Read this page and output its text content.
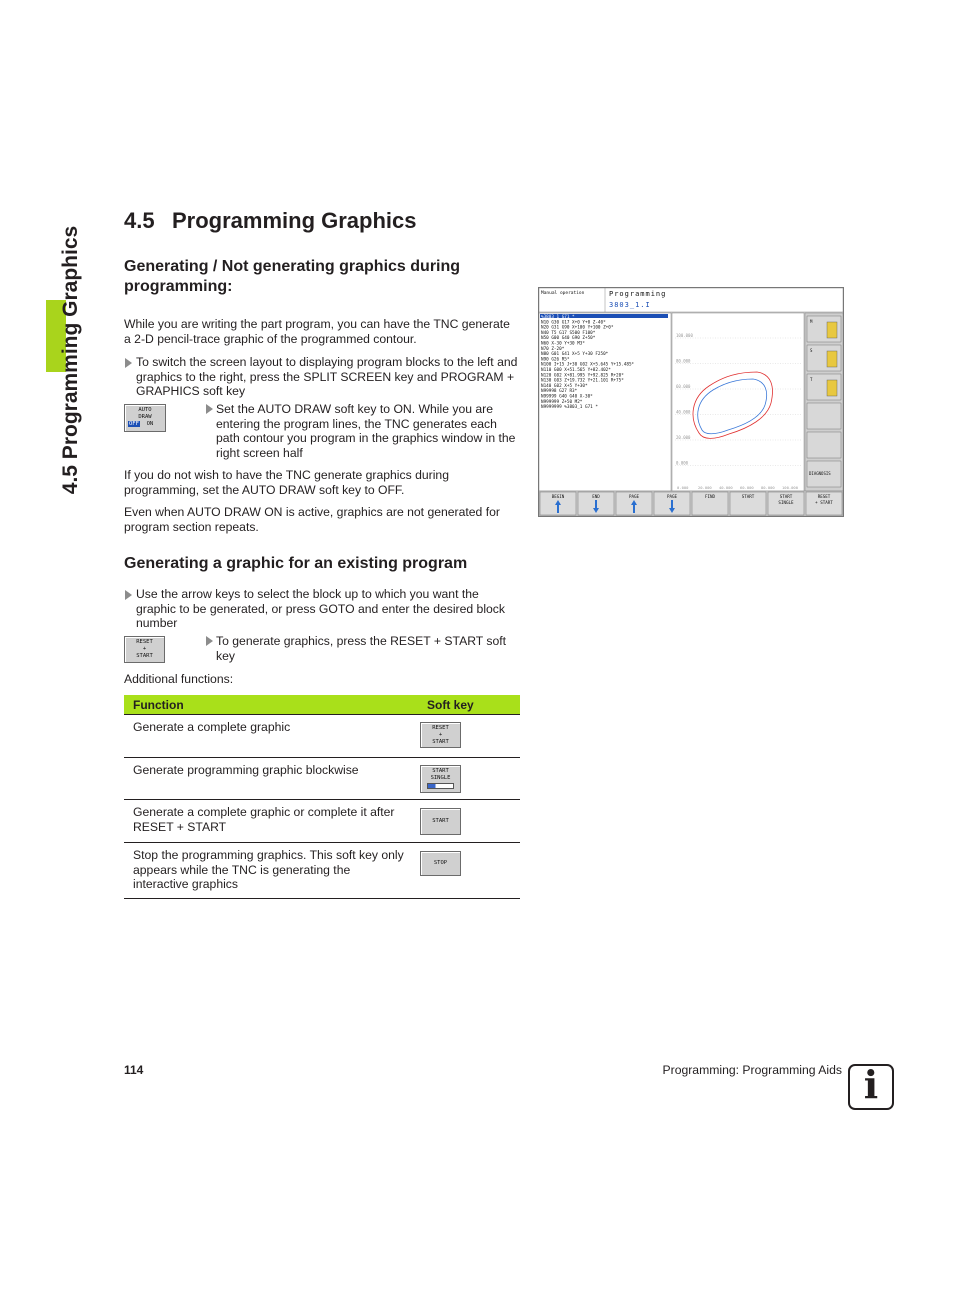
4.5 Programming Graphics
4.5 Programming Graphics
Generating / Not generating graphics during programming:

While you are writing the part program, you can have the TNC generate a 2-D pencil-trace graphic of the programmed contour.

To switch the screen layout to displaying program blocks to the left and graphics to the right, press the SPLIT SCREEN key and PROGRAM + GRAPHICS soft key

AUTO
DRAW
OFF ON

Set the AUTO DRAW soft key to ON. While you are entering the program lines, the TNC generates each path contour you program in the graphics window in the right screen half

If you do not wish to have the TNC generate graphics during programming, set the AUTO DRAW soft key to OFF.

Even when AUTO DRAW ON is active, graphics are not generated for program section repeats.

Generating a graphic for an existing program

Use the arrow keys to select the block up to which you want the graphic to be generated, or press GOTO and enter the desired block number

RESET
+
START

To generate graphics, press the RESET + START soft key

Additional functions:

Function	Soft key
Generate a complete graphic	RESET
+
START

Generate programming graphic blockwise	START
SINGLE

Generate a complete graphic or complete it after RESET + START	START

Stop the programming graphics. This soft key only appears while the TNC is generating the interactive graphics	STOP
Manual operation	Programming
3803_1.I
%3803_1 G71 *
N10 G30 G17 X+0 Y+0 Z-40*
N20 G31 G90 X+100 Y+100 Z+0*
N40 T5 G17 S500 F100*
N50 G00 G40 G90 Z+50*
N60 X-30 Y+30 M3*
N70 Z-20*
N80 G01 G41 X+5 Y+30 F250*
N90 G26 R5*
N100 I+15 J+30 G02 X+5.645 Y+15.485*
N110 G00 X+51.565 Y+82.402*
N120 G02 X+81.995 Y+92.825 R+20*
N130 G03 Z+19.732 Y+21.101 R+75*
N140 G02 X+5 Y+30*
N99998 G27 R3*
N99999 G40 G40 X-30*
N999999 Z+50 M2*
N9999999 %3803_1 G71 *
100.000
80.000
60.000
40.000
20.000
0.000
0.000	20.000 40.000 60.000 80.000 100.000
M
S
T
DIAGNOSIS
BEGIN	END	PAGE	PAGE	FIND	START	START
SINGLE
RESET
+ START
114	Programming: Programming Aids i
